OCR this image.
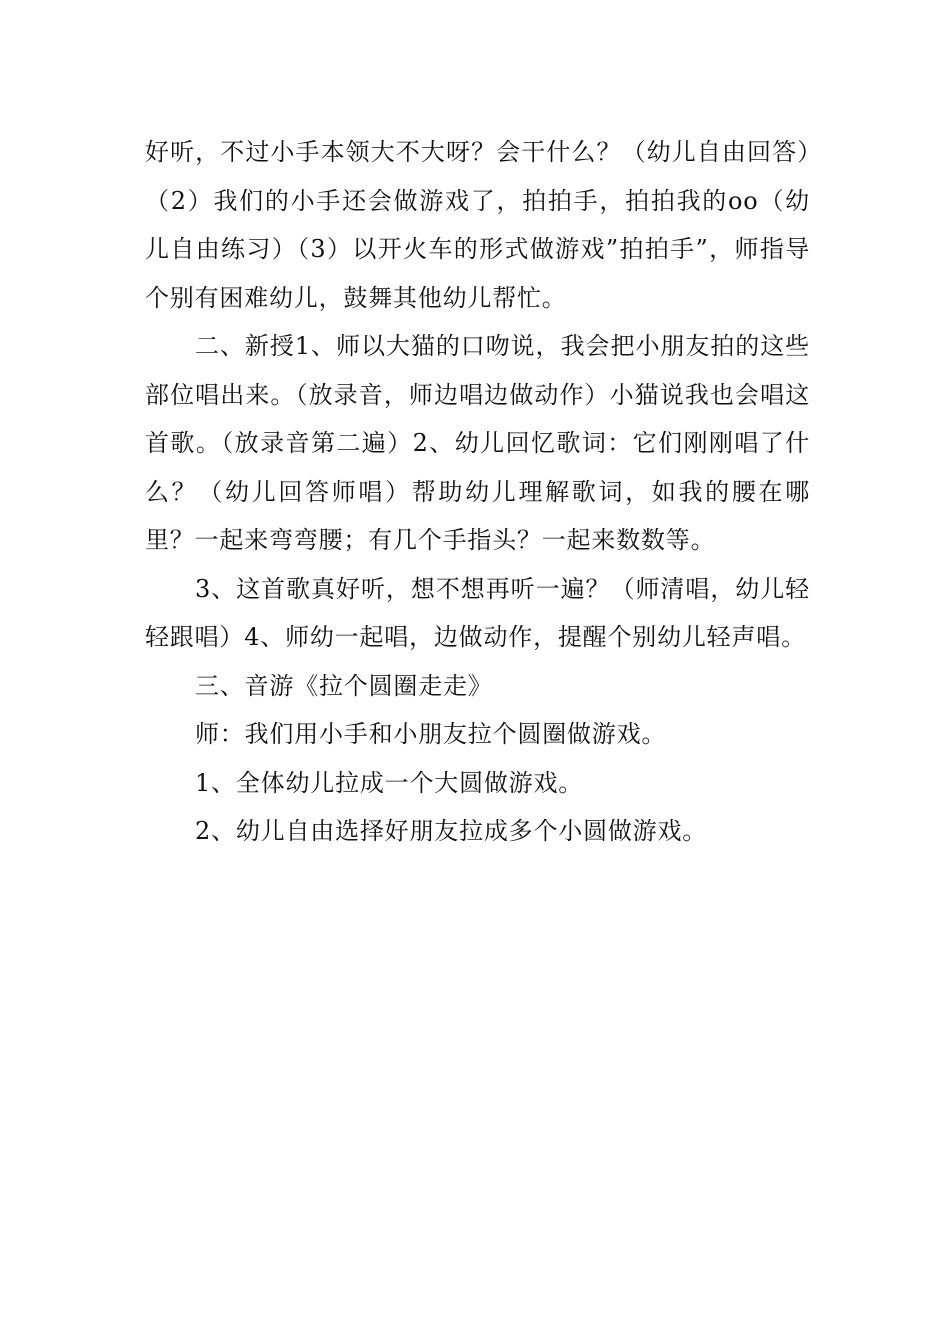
好听，不过小手本领大不大呀？会干什么？（幼儿自由回答）（2）我们的小手还会做游戏了，拍拍手，拍拍我的oo（幼儿自由练习）（3）以开火车的形式做游戏”拍拍手”，师指导个别有困难幼儿，鼓舞其他幼儿帮忙。

二、新授1、师以大猫的口吻说，我会把小朋友拍的这些部位唱出来。（放录音，师边唱边做动作）小猫说我也会唱这首歌。（放录音第二遍）2、幼儿回忆歌词：它们刚刚唱了什么？（幼儿回答师唱）帮助幼儿理解歌词，如我的腰在哪里？一起来弯弯腰；有几个手指头？一起来数数等。

3、这首歌真好听，想不想再听一遍？（师清唱，幼儿轻轻跟唱）4、师幼一起唱，边做动作，提醒个别幼儿轻声唱。

三、音游《拉个圆圈走走》

师：我们用小手和小朋友拉个圆圈做游戏。

1、全体幼儿拉成一个大圆做游戏。

2、幼儿自由选择好朋友拉成多个小圆做游戏。
